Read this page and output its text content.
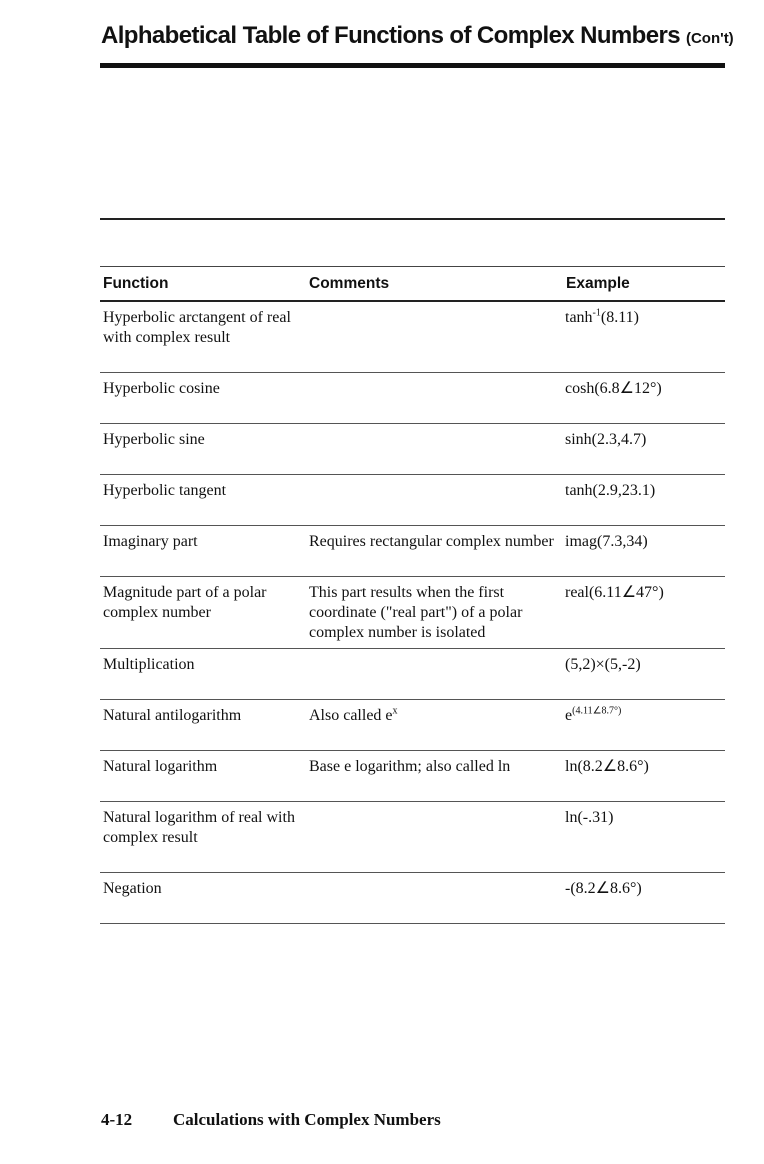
Alphabetical Table of Functions of Complex Numbers (Con't)
Function	Comments	Example
Hyperbolic arctangent of real with complex result		$\tanh^{-1}(8.11)$
Hyperbolic cosine		cosh(6.8∠12°)
Hyperbolic sine		sinh(2.3,4.7)
Hyperbolic tangent		tanh(2.9,23.1)
Imaginary part	Requires rectangular complex number	imag(7.3,34)
Magnitude part of a polar complex number	This part results when the first coordinate ("real part") of a polar complex number is isolated	real(6.11∠47°)
Multiplication		(5,2)×(5,-2)
Natural antilogarithm	Also called $e^x$	$e^{(4.11\angle 8.7^\circ)}$
Natural logarithm	Base e logarithm; also called ln	ln(8.2∠8.6°)
Natural logarithm of real with complex result		ln(-.31)
Negation		-(8.2∠8.6°)
4-12 Calculations with Complex Numbers
